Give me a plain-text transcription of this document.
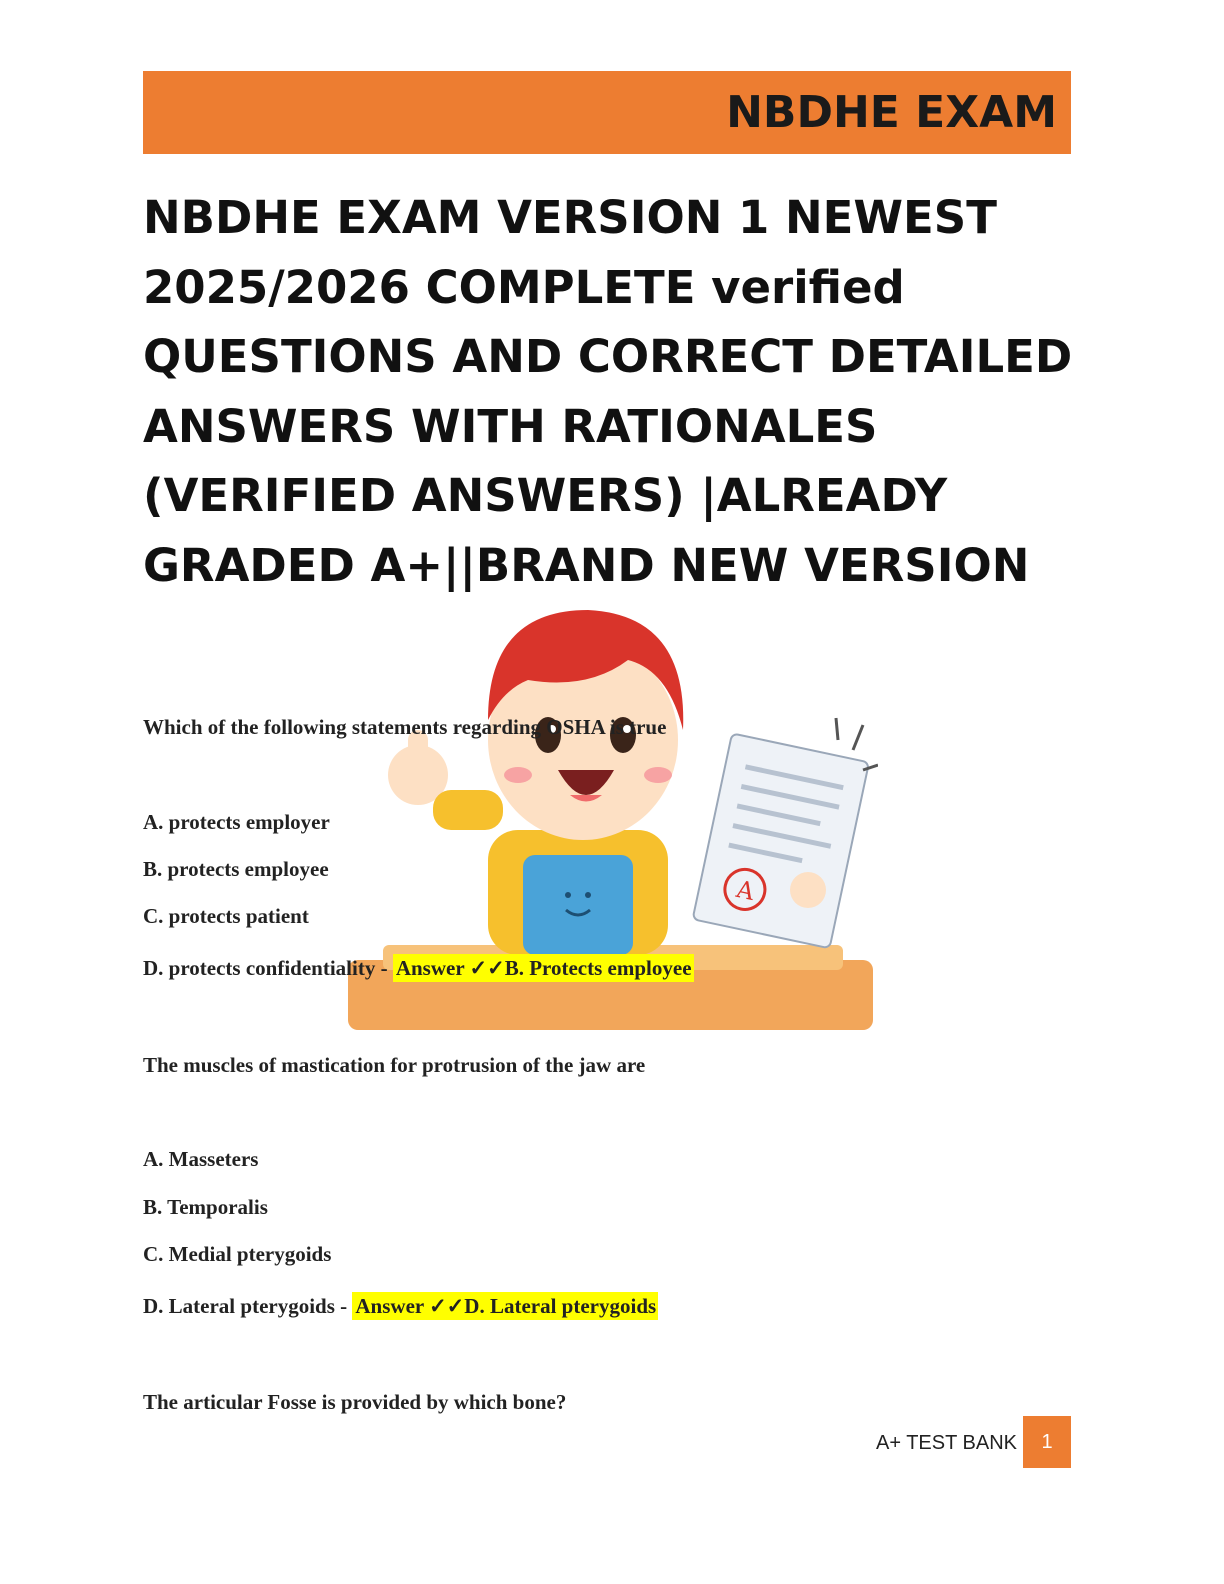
NBDHE EXAM
NBDHE EXAM VERSION 1 NEWEST
2025/2026 COMPLETE verified
QUESTIONS AND CORRECT DETAILED
ANSWERS WITH RATIONALES
(VERIFIED ANSWERS) |ALREADY
GRADED A+||BRAND NEW VERSION
A
Which of the following statements regarding OSHA is true
A. protects employer
B. protects employee
C. protects patient
D. protects confidentiality - Answer ✓✓B. Protects employee
The muscles of mastication for protrusion of the jaw are
A. Masseters
B. Temporalis
C. Medial pterygoids
D. Lateral pterygoids - Answer ✓✓D. Lateral pterygoids
The articular Fosse is provided by which bone?
A+ TEST BANK	1
